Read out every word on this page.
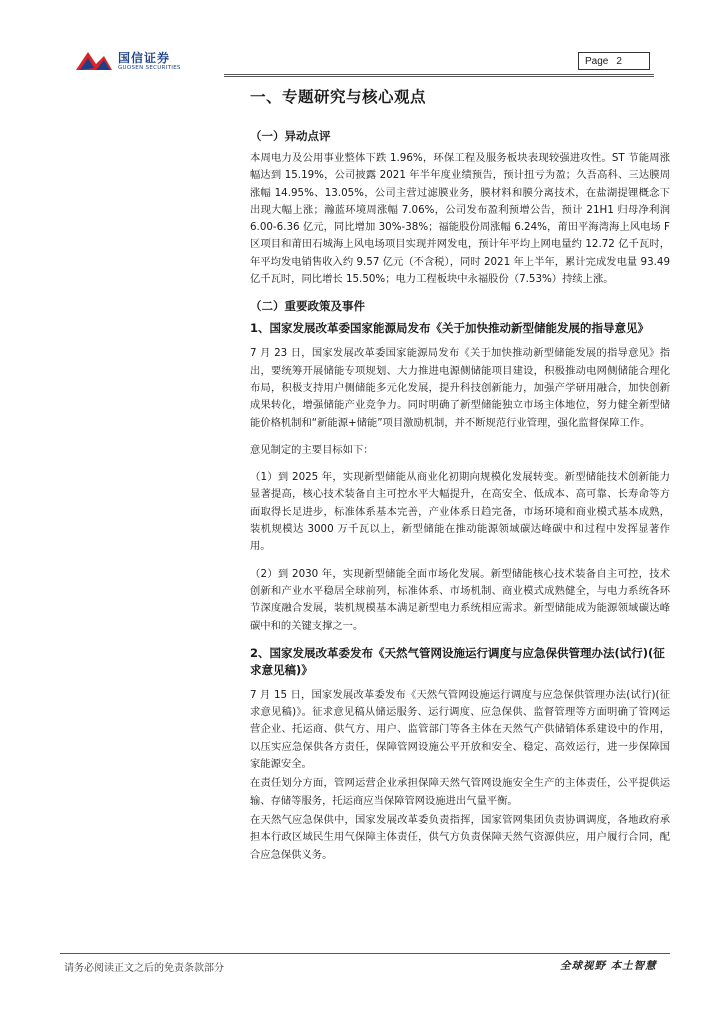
国信证券
GUOSEN SECURITIES
Page 2
一、专题研究与核心观点
（一）异动点评

本周电力及公用事业整体下跌 1.96%，环保工程及服务板块表现较强进攻性。ST 节能周涨幅达到 15.19%，公司披露 2021 年半年度业绩预告，预计扭亏为盈；久吾高科、三达膜周涨幅 14.95%、13.05%，公司主营过滤膜业务，膜材料和膜分离技术，在盐湖提锂概念下出现大幅上涨；瀚蓝环境周涨幅 7.06%，公司发布盈利预增公告，预计 21H1 归母净利润 6.00-6.36 亿元，同比增加 30%-38%；福能股份周涨幅 6.24%，莆田平海湾海上风电场 F 区项目和莆田石城海上风电场项目实现并网发电，预计年平均上网电量约 12.72 亿千瓦时，年平均发电销售收入约 9.57 亿元（不含税），同时 2021 年上半年，累计完成发电量 93.49 亿千瓦时，同比增长 15.50%；电力工程板块中永福股份（7.53%）持续上涨。

（二）重要政策及事件
1、国家发展改革委国家能源局发布《关于加快推动新型储能发展的指导意见》

7 月 23 日，国家发展改革委国家能源局发布《关于加快推动新型储能发展的指导意见》指出，要统筹开展储能专项规划、大力推进电源侧储能项目建设，积极推动电网侧储能合理化布局，积极支持用户侧储能多元化发展，提升科技创新能力，加强产学研用融合，加快创新成果转化，增强储能产业竞争力。同时明确了新型储能独立市场主体地位，努力健全新型储能价格机制和“新能源+储能”项目激励机制，并不断规范行业管理，强化监督保障工作。

意见制定的主要目标如下：

（1）到 2025 年，实现新型储能从商业化初期向规模化发展转变。新型储能技术创新能力显著提高，核心技术装备自主可控水平大幅提升，在高安全、低成本、高可靠、长寿命等方面取得长足进步，标准体系基本完善，产业体系日趋完备，市场环境和商业模式基本成熟，装机规模达 3000 万千瓦以上，新型储能在推动能源领域碳达峰碳中和过程中发挥显著作用。

（2）到 2030 年，实现新型储能全面市场化发展。新型储能核心技术装备自主可控，技术创新和产业水平稳居全球前列，标准体系、市场机制、商业模式成熟健全，与电力系统各环节深度融合发展，装机规模基本满足新型电力系统相应需求。新型储能成为能源领域碳达峰碳中和的关键支撑之一。

2、国家发展改革委发布《天然气管网设施运行调度与应急保供管理办法(试行)(征求意见稿)》

7 月 15 日，国家发展改革委发布《天然气管网设施运行调度与应急保供管理办法(试行)(征求意见稿)》。征求意见稿从储运服务、运行调度、应急保供、监督管理等方面明确了管网运营企业、托运商、供气方、用户、监管部门等各主体在天然气产供储销体系建设中的作用，以压实应急保供各方责任，保障管网设施公平开放和安全、稳定、高效运行，进一步保障国家能源安全。

在责任划分方面，管网运营企业承担保障天然气管网设施安全生产的主体责任，公平提供运输、存储等服务，托运商应当保障管网设施进出气量平衡。

在天然气应急保供中，国家发展改革委负责指挥，国家管网集团负责协调调度，各地政府承担本行政区域民生用气保障主体责任，供气方负责保障天然气资源供应，用户履行合同，配合应急保供义务。

请务必阅读正文之后的免责条款部分	全球视野 本土智慧
